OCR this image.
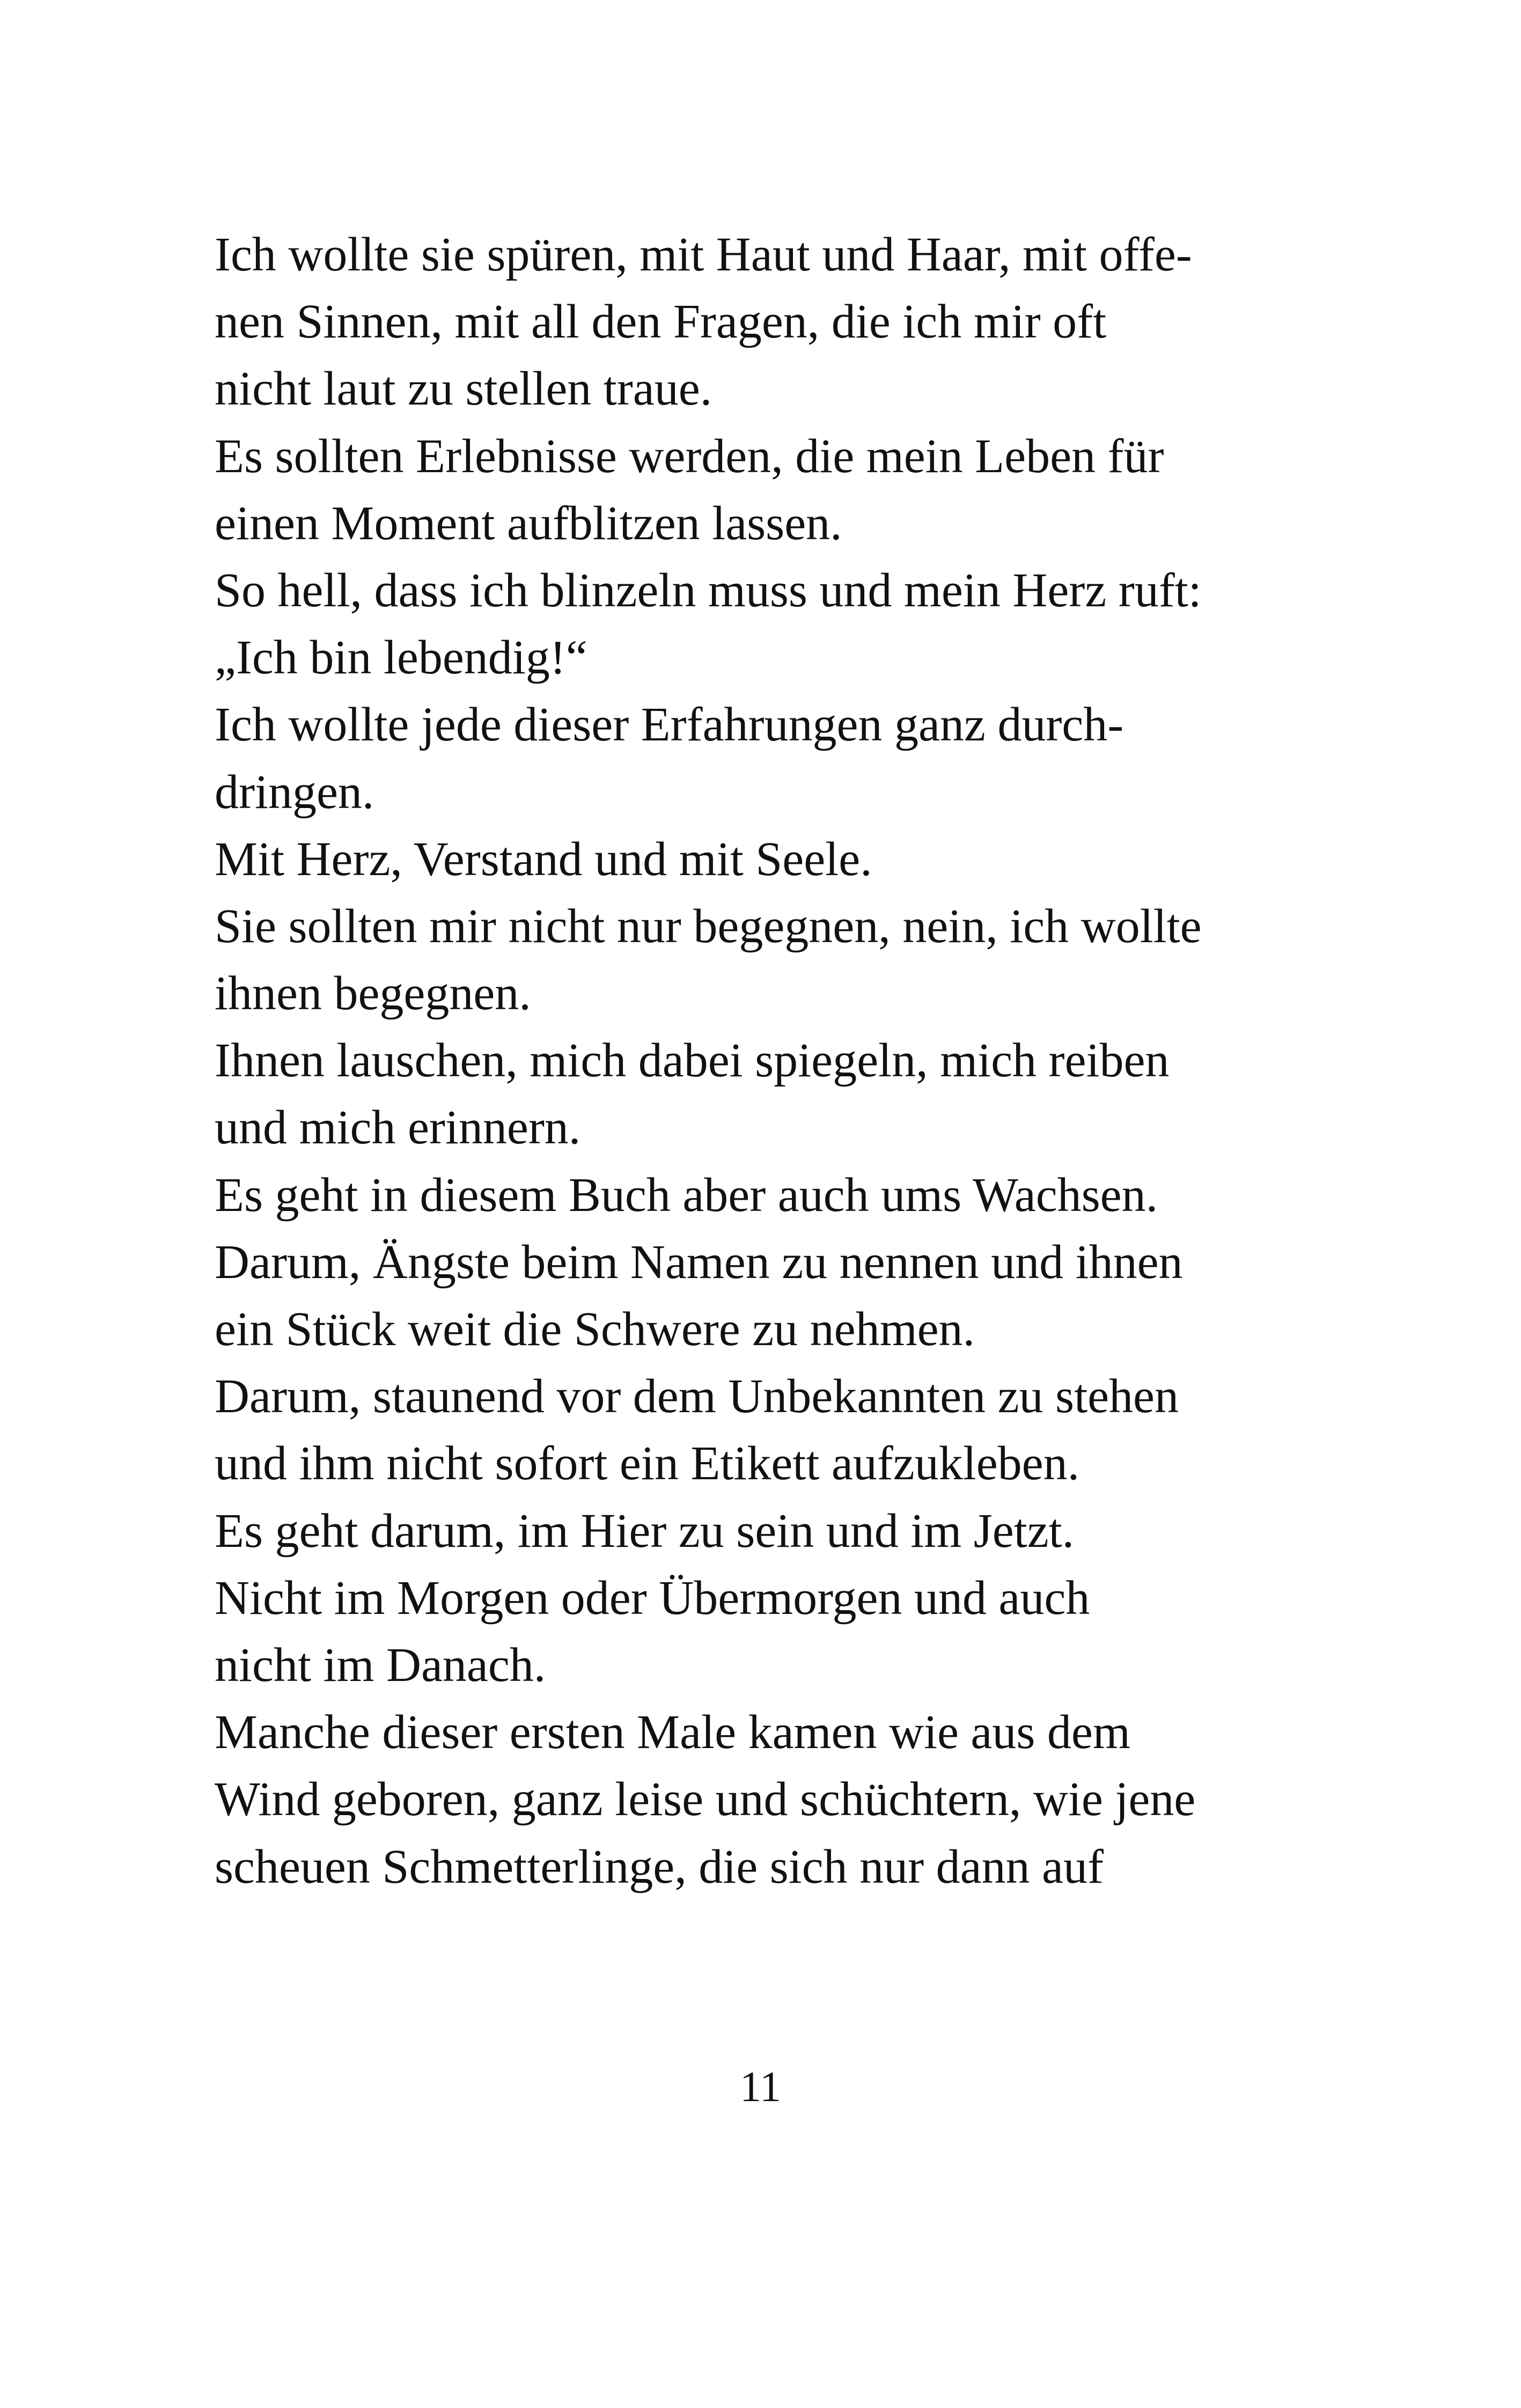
Ich wollte sie spüren, mit Haut und Haar, mit offe-
nen Sinnen, mit all den Fragen, die ich mir oft
nicht laut zu stellen traue.
Es sollten Erlebnisse werden, die mein Leben für
einen Moment aufblitzen lassen.
So hell, dass ich blinzeln muss und mein Herz ruft:
„Ich bin lebendig!“
Ich wollte jede dieser Erfahrungen ganz durch-
dringen.
Mit Herz, Verstand und mit Seele.
Sie sollten mir nicht nur begegnen, nein, ich wollte
ihnen begegnen.
Ihnen lauschen, mich dabei spiegeln, mich reiben
und mich erinnern.
Es geht in diesem Buch aber auch ums Wachsen.
Darum, Ängste beim Namen zu nennen und ihnen
ein Stück weit die Schwere zu nehmen.
Darum, staunend vor dem Unbekannten zu stehen
und ihm nicht sofort ein Etikett aufzukleben.
Es geht darum, im Hier zu sein und im Jetzt.
Nicht im Morgen oder Übermorgen und auch
nicht im Danach.
Manche dieser ersten Male kamen wie aus dem
Wind geboren, ganz leise und schüchtern, wie jene
scheuen Schmetterlinge, die sich nur dann auf
11
